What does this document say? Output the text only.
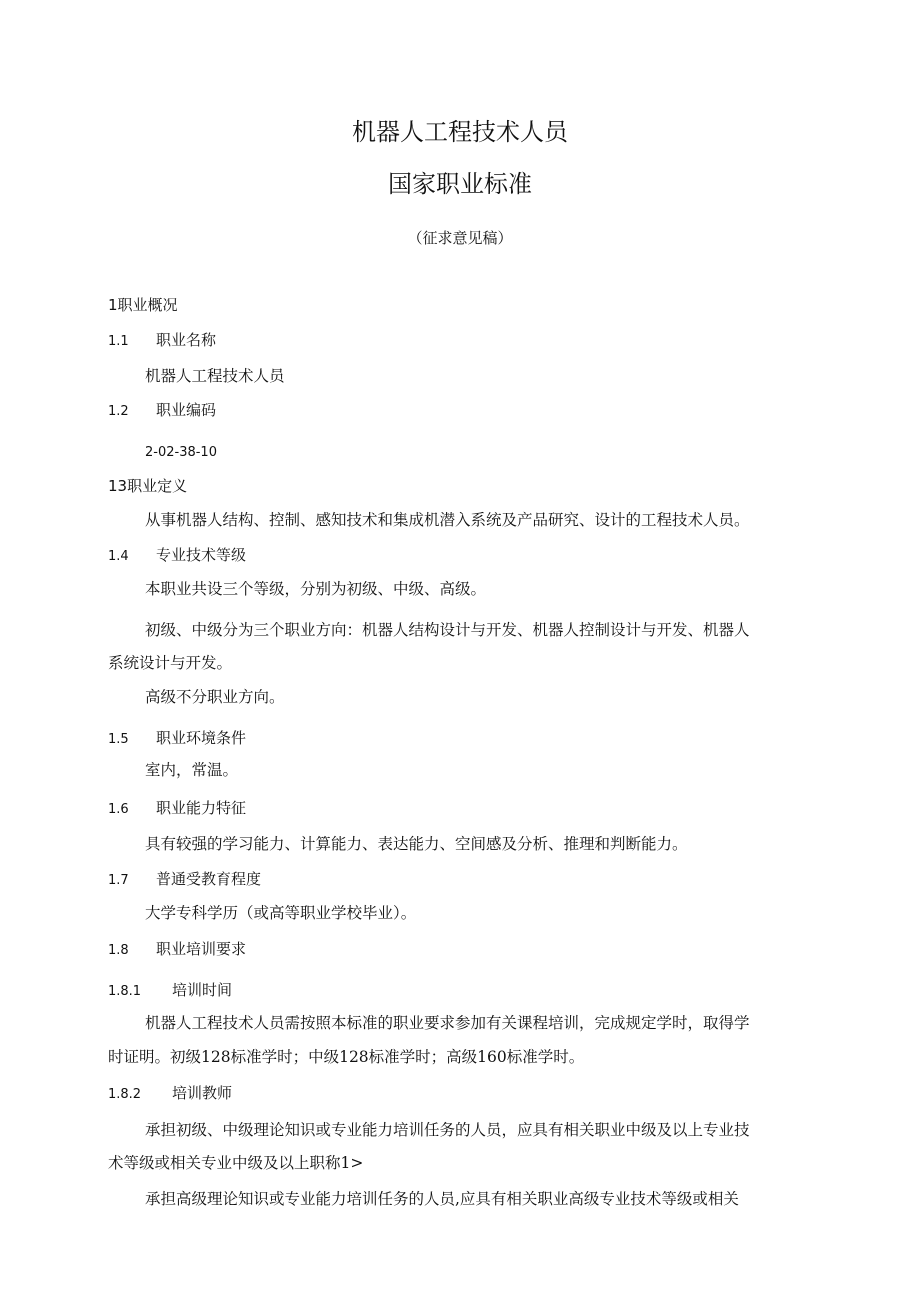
机器人工程技术人员
国家职业标准
（征求意见稿）
1职业概况
1.1 职业名称
机器人工程技术人员
1.2 职业编码
2-02-38-10
13职业定义
从事机器人结构、控制、感知技术和集成机潜入系统及产品研究、设计的工程技术人员。
1.4 专业技术等级
本职业共设三个等级，分别为初级、中级、高级。
初级、中级分为三个职业方向：机器人结构设计与开发、机器人控制设计与开发、机器人
系统设计与开发。
高级不分职业方向。
1.5 职业环境条件
室内，常温。
1.6 职业能力特征
具有较强的学习能力、计算能力、表达能力、空间感及分析、推理和判断能力。
1.7 普通受教育程度
大学专科学历（或高等职业学校毕业）。
1.8 职业培训要求
1.8.1 培训时间
机器人工程技术人员需按照本标准的职业要求参加有关课程培训，完成规定学时，取得学
时证明。初级128标准学时；中级128标准学时；高级160标准学时。
1.8.2 培训教师
承担初级、中级理论知识或专业能力培训任务的人员，应具有相关职业中级及以上专业技
术等级或相关专业中级及以上职称1>
承担高级理论知识或专业能力培训任务的人员,应具有相关职业高级专业技术等级或相关
